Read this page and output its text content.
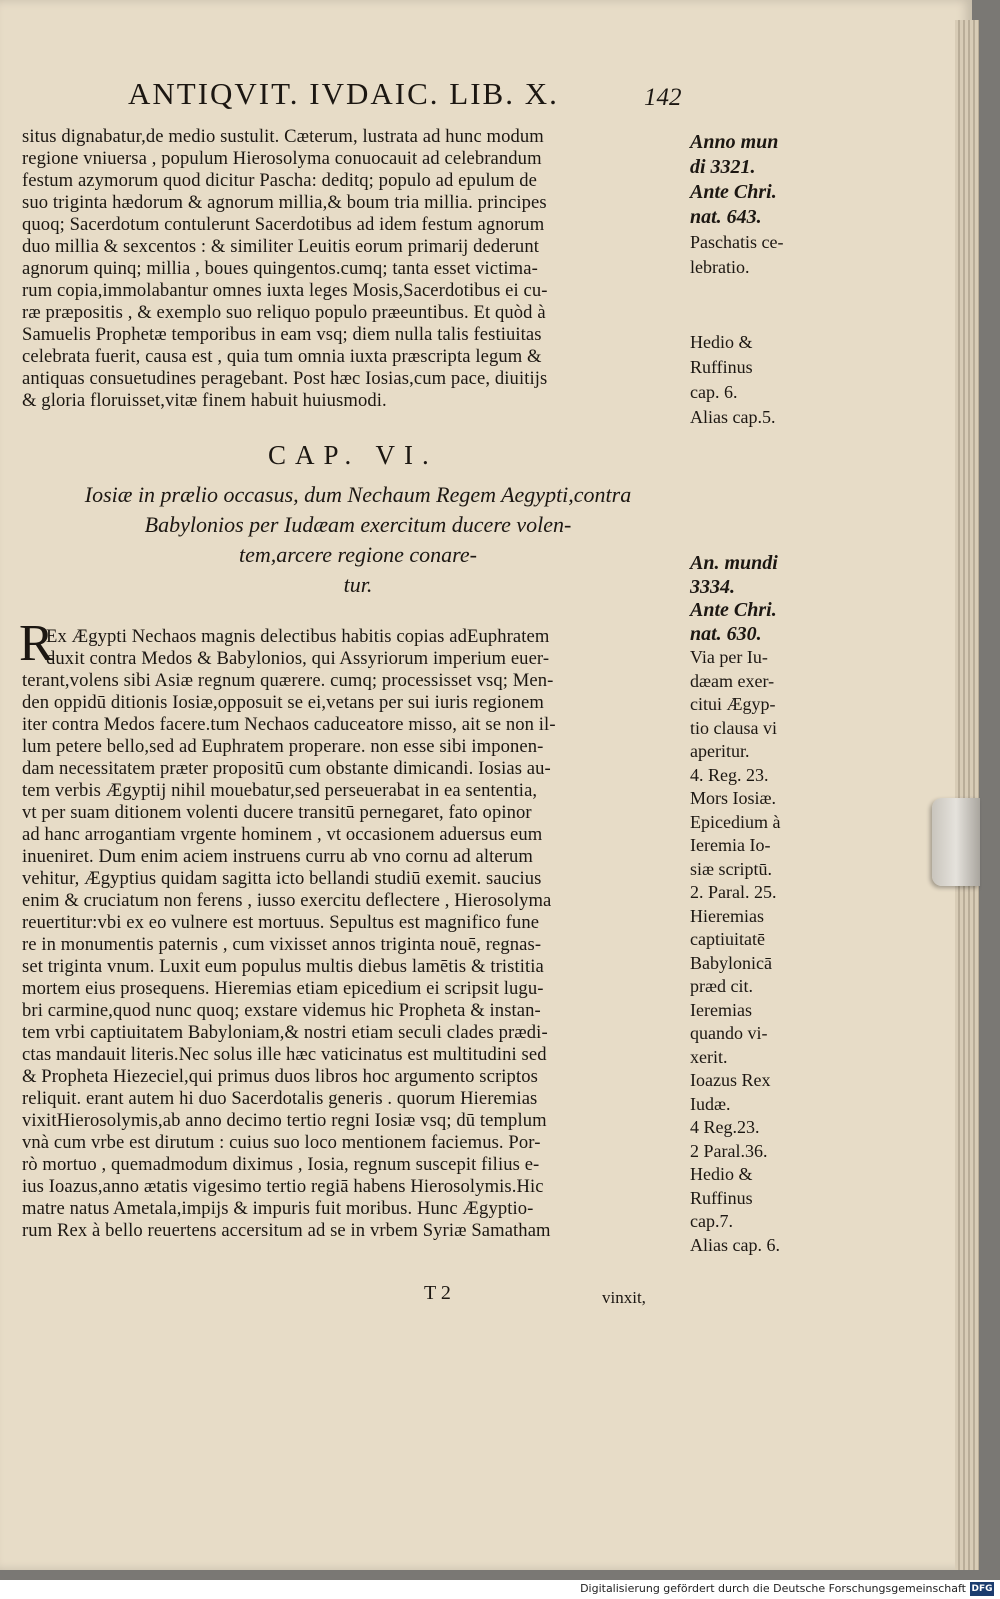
ANTIQVIT. IVDAIC. LIB. X.	142
situs dignabatur,de medio sustulit. Cæterum, lustrata ad hunc modum
regione vniuersa , populum Hierosolyma conuocauit ad celebrandum
festum azymorum quod dicitur Pascha: deditq; populo ad epulum de
suo triginta hædorum & agnorum millia,& boum tria millia. principes
quoq; Sacerdotum contulerunt Sacerdotibus ad idem festum agnorum
duo millia & sexcentos : & similiter Leuitis eorum primarij dederunt
agnorum quinq; millia , boues quingentos.cumq; tanta esset victima-
rum copia,immolabantur omnes iuxta leges Mosis,Sacerdotibus ei cu-
ræ præpositis , & exemplo suo reliquo populo præeuntibus. Et quòd à
Samuelis Prophetæ temporibus in eam vsq; diem nulla talis festiuitas
celebrata fuerit, causa est , quia tum omnia iuxta præscripta legum &
antiquas consuetudines peragebant. Post hæc Iosias,cum pace, diuitijs
& gloria floruisset,vitæ finem habuit huiusmodi.
CAP. VI.
Iosiæ in prælio occasus, dum Nechaum Regem Aegypti,contra
Babylonios per Iudæam exercitum ducere volen-
tem,arcere regione conare-
tur.
R
Ex Ægypti Nechaos magnis delectibus habitis copias adEuphratem
duxit contra Medos & Babylonios, qui Assyriorum imperium euer-
terant,volens sibi Asiæ regnum quærere. cumq; processisset vsq; Men-
den oppidū ditionis Iosiæ,opposuit se ei,vetans per sui iuris regionem
iter contra Medos facere.tum Nechaos caduceatore misso, ait se non il-
lum petere bello,sed ad Euphratem properare. non esse sibi imponen-
dam necessitatem præter propositū cum obstante dimicandi. Iosias au-
tem verbis Ægyptij nihil mouebatur,sed perseuerabat in ea sententia,
vt per suam ditionem volenti ducere transitū pernegaret, fato opinor
ad hanc arrogantiam vrgente hominem , vt occasionem aduersus eum
inueniret. Dum enim aciem instruens curru ab vno cornu ad alterum
vehitur, Ægyptius quidam sagitta icto bellandi studiū exemit. saucius
enim & cruciatum non ferens , iusso exercitu deflectere , Hierosolyma
reuertitur:vbi ex eo vulnere est mortuus. Sepultus est magnifico fune
re in monumentis paternis , cum vixisset annos triginta nouē, regnas-
set triginta vnum. Luxit eum populus multis diebus lamētis & tristitia
mortem eius prosequens. Hieremias etiam epicedium ei scripsit lugu-
bri carmine,quod nunc quoq; exstare videmus hic Propheta & instan-
tem vrbi captiuitatem Babyloniam,& nostri etiam seculi clades prædi-
ctas mandauit literis.Nec solus ille hæc vaticinatus est multitudini sed
& Propheta Hiezeciel,qui primus duos libros hoc argumento scriptos
reliquit. erant autem hi duo Sacerdotalis generis . quorum Hieremias
vixitHierosolymis,ab anno decimo tertio regni Iosiæ vsq; dū templum
vnà cum vrbe est dirutum : cuius suo loco mentionem faciemus. Por-
rò mortuo , quemadmodum diximus , Iosia, regnum suscepit filius e-
ius Ioazus,anno ætatis vigesimo tertio regiā habens Hierosolymis.Hic
matre natus Ametala,impijs & impuris fuit moribus. Hunc Ægyptio-
rum Rex à bello reuertens accersitum ad se in vrbem Syriæ Samatham
Anno mun
di 3321.
Ante Chri.
nat. 643.
Paschatis ce-
lebratio.

Hedio &
Ruffinus
cap. 6.
Alias cap.5.
An. mundi
3334.
Ante Chri.
nat. 630.
Via per Iu-
dæam exer-
citui Ægyp-
tio clausa vi
aperitur.
4. Reg. 23.
Mors Iosiæ.
Epicedium à
Ieremia Io-
siæ scriptū.
2. Paral. 25.
Hieremias
captiuitatē
Babylonicā
præd cit.
Ieremias
quando vi-
xerit.
Ioazus Rex
Iudæ.
4 Reg.23.
2 Paral.36.
Hedio &
Ruffinus
cap.7.
Alias cap. 6.
T 2	vinxit,
Digitalisierung gefördert durch die Deutsche Forschungsgemeinschaft DFG
